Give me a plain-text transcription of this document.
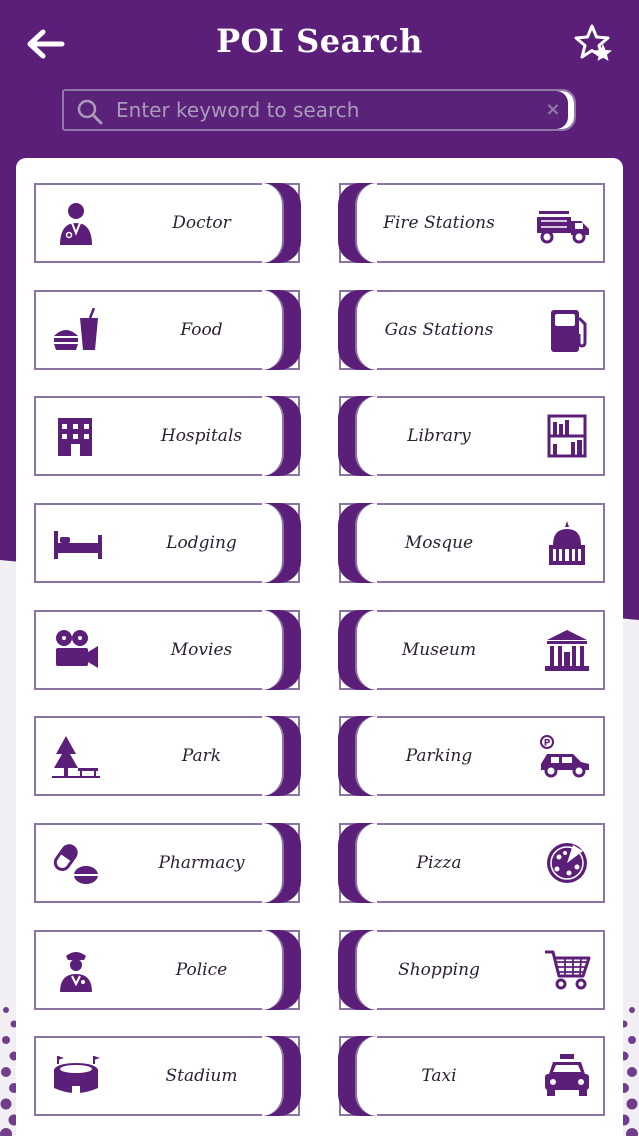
POI Search
Enter keyword to search
×
Doctor	Fire Stations
Food	Gas Stations
Hospitals	Library
Lodging	Mosque
Movies	Museum
Park	Parking
P
Pharmacy	Pizza
Police	Shopping
Stadium	Taxi
